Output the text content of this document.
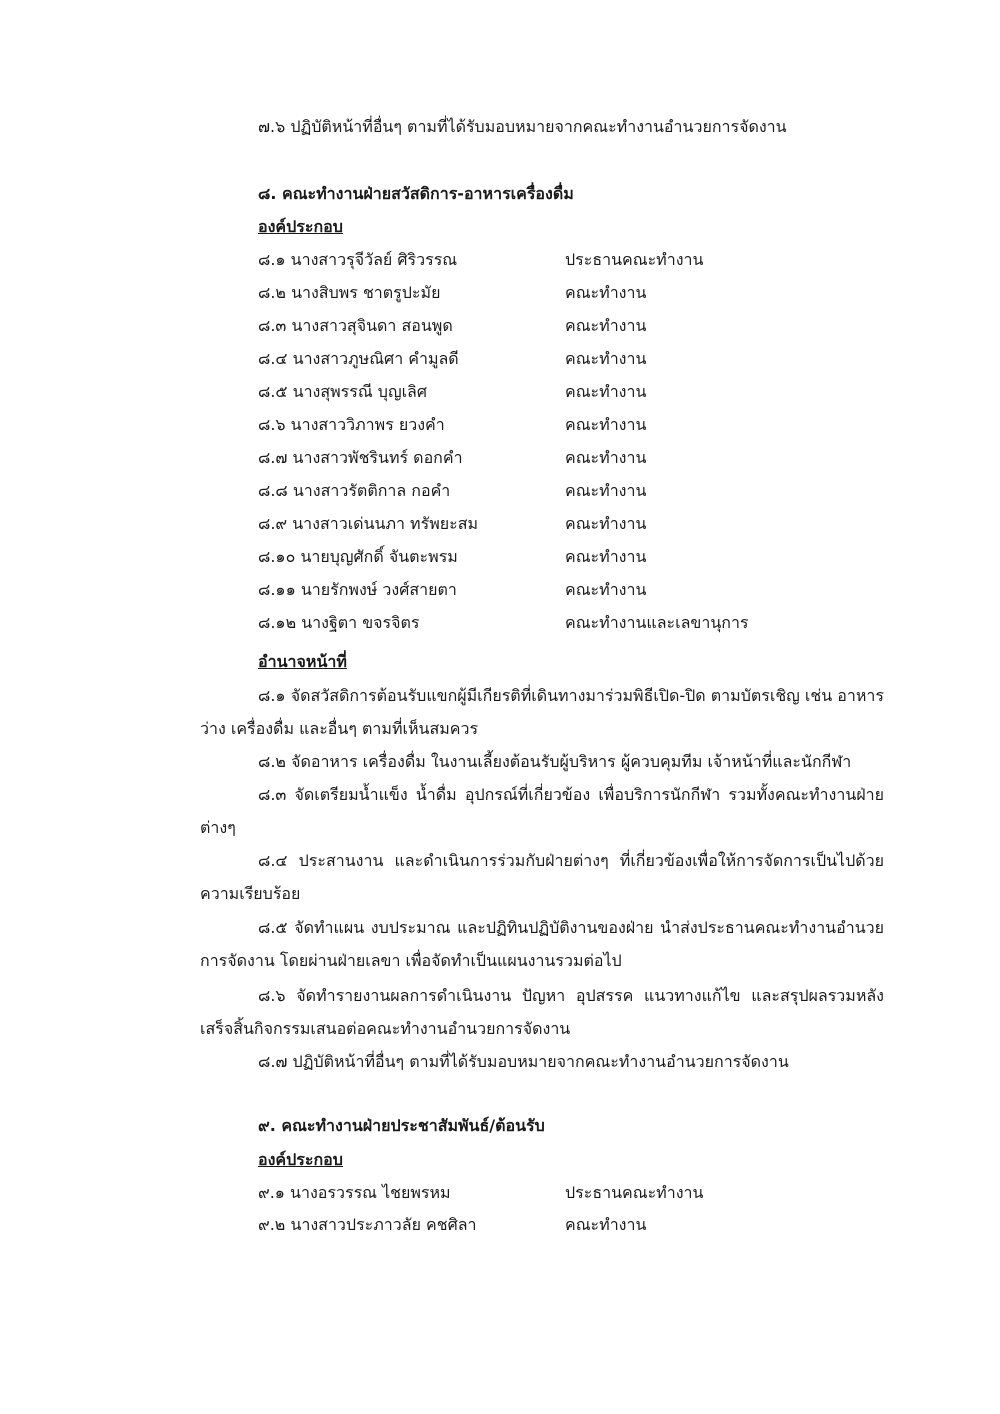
๗.๖ ปฏิบัติหน้าที่อื่นๆ ตามที่ได้รับมอบหมายจากคณะทำงานอำนวยการจัดงาน
๘. คณะทำงานฝ่ายสวัสดิการ-อาหารเครื่องดื่ม
องค์ประกอบ
๘.๑ นางสาวรุจีวัลย์ ศิริวรรณ	ประธานคณะทำงาน
๘.๒ นางสิบพร ชาตรูปะมัย	คณะทำงาน
๘.๓ นางสาวสุจินดา สอนพูด	คณะทำงาน
๘.๔ นางสาวภูษณิศา คำมูลดี	คณะทำงาน
๘.๕ นางสุพรรณี บุญเลิศ	คณะทำงาน
๘.๖ นางสาววิภาพร ยวงคำ	คณะทำงาน
๘.๗ นางสาวพัชรินทร์ ดอกคำ	คณะทำงาน
๘.๘ นางสาวรัตติกาล กอคำ	คณะทำงาน
๘.๙ นางสาวเด่นนภา ทรัพยะสม	คณะทำงาน
๘.๑๐ นายบุญศักดิ์ จันตะพรม	คณะทำงาน
๘.๑๑ นายรักพงษ์ วงศ์สายตา	คณะทำงาน
๘.๑๒ นางฐิตา ขจรจิตร	คณะทำงานและเลขานุการ
อำนาจหน้าที่
๘.๑ จัดสวัสดิการต้อนรับแขกผู้มีเกียรติที่เดินทางมาร่วมพิธีเปิด-ปิด ตามบัตรเชิญ เช่น อาหารว่าง เครื่องดื่ม และอื่นๆ ตามที่เห็นสมควร
๘.๒ จัดอาหาร เครื่องดื่ม ในงานเลี้ยงต้อนรับผู้บริหาร ผู้ควบคุมทีม เจ้าหน้าที่และนักกีฬา
๘.๓ จัดเตรียมน้ำแข็ง น้ำดื่ม อุปกรณ์ที่เกี่ยวข้อง เพื่อบริการนักกีฬา รวมทั้งคณะทำงานฝ่ายต่างๆ
๘.๔ ประสานงาน และดำเนินการร่วมกับฝ่ายต่างๆ ที่เกี่ยวข้องเพื่อให้การจัดการเป็นไปด้วยความเรียบร้อย
๘.๕ จัดทำแผน งบประมาณ และปฏิทินปฏิบัติงานของฝ่าย นำส่งประธานคณะทำงานอำนวยการจัดงาน โดยผ่านฝ่ายเลขา เพื่อจัดทำเป็นแผนงานรวมต่อไป
๘.๖ จัดทำรายงานผลการดำเนินงาน ปัญหา อุปสรรค แนวทางแก้ไข และสรุปผลรวมหลังเสร็จสิ้นกิจกรรมเสนอต่อคณะทำงานอำนวยการจัดงาน
๘.๗ ปฏิบัติหน้าที่อื่นๆ ตามที่ได้รับมอบหมายจากคณะทำงานอำนวยการจัดงาน
๙. คณะทำงานฝ่ายประชาสัมพันธ์/ต้อนรับ
องค์ประกอบ
๙.๑ นางอรวรรณ ไชยพรหม	ประธานคณะทำงาน
๙.๒ นางสาวประภาวลัย คชศิลา	คณะทำงาน
